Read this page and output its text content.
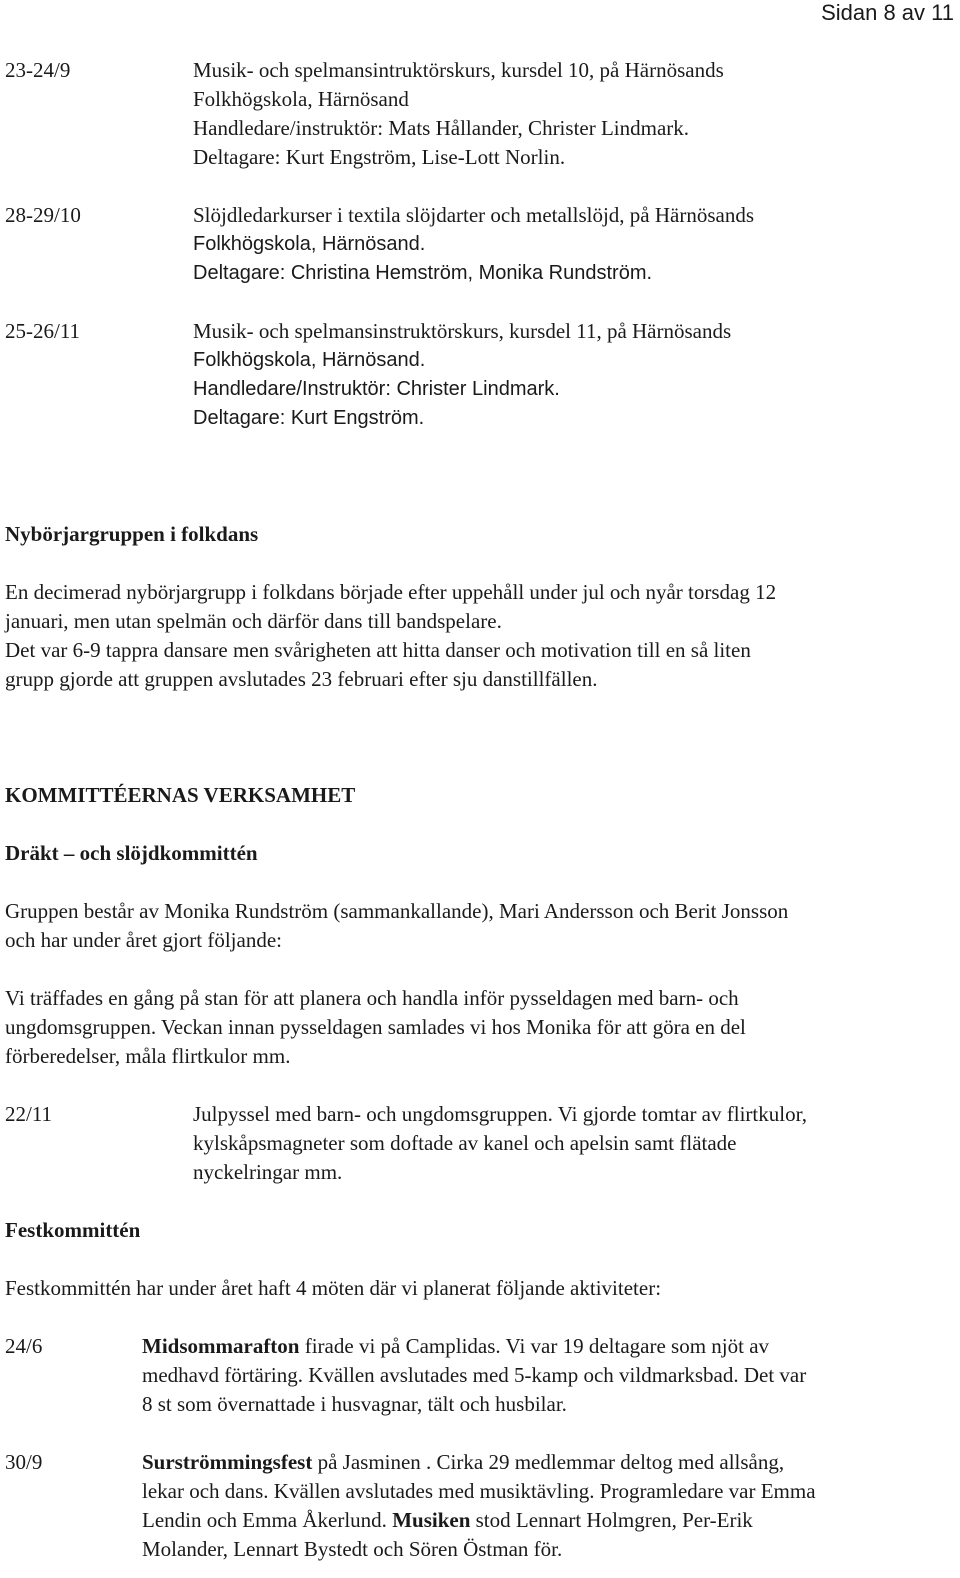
Sidan 8 av 11
23-24/9	Musik- och spelmansintruktörskurs, kursdel 10, på Härnösands
Folkhögskola, Härnösand
Handledare/instruktör: Mats Hållander, Christer Lindmark.
Deltagare: Kurt Engström, Lise-Lott Norlin.
28-29/10	Slöjdledarkurser i textila slöjdarter och metallslöjd, på Härnösands
Folkhögskola, Härnösand.
Deltagare: Christina Hemström, Monika Rundström.
25-26/11	Musik- och spelmansinstruktörskurs, kursdel 11, på Härnösands
Folkhögskola, Härnösand.
Handledare/Instruktör: Christer Lindmark.
Deltagare: Kurt Engström.
Nybörjargruppen i folkdans

En decimerad nybörjargrupp i folkdans började efter uppehåll under jul och nyår torsdag 12

januari, men utan spelmän och därför dans till bandspelare.

Det var 6-9 tappra dansare men svårigheten att hitta danser och motivation till en så liten

grupp gjorde att gruppen avslutades 23 februari efter sju danstillfällen.

KOMMITTÉERNAS VERKSAMHET
Dräkt – och slöjdkommittén

Gruppen består av Monika Rundström (sammankallande), Mari Andersson och Berit Jonsson

och har under året gjort följande:

Vi träffades en gång på stan för att planera och handla inför pysseldagen med barn- och

ungdomsgruppen. Veckan innan pysseldagen samlades vi hos Monika för att göra en del

förberedelser, måla flirtkulor mm.

22/11	Julpyssel med barn- och ungdomsgruppen. Vi gjorde tomtar av flirtkulor,
kylskåpsmagneter som doftade av kanel och apelsin samt flätade
nyckelringar mm.
Festkommittén

Festkommittén har under året haft 4 möten där vi planerat följande aktiviteter:

24/6	Midsommarafton firade vi på Camplidas. Vi var 19 deltagare som njöt av
medhavd förtäring. Kvällen avslutades med 5-kamp och vildmarksbad. Det var
8 st som övernattade i husvagnar, tält och husbilar.
30/9	Surströmmingsfest på Jasminen . Cirka 29 medlemmar deltog med allsång,
lekar och dans. Kvällen avslutades med musiktävling. Programledare var Emma
Lendin och Emma Åkerlund. Musiken stod Lennart Holmgren, Per-Erik
Molander, Lennart Bystedt och Sören Östman för.
